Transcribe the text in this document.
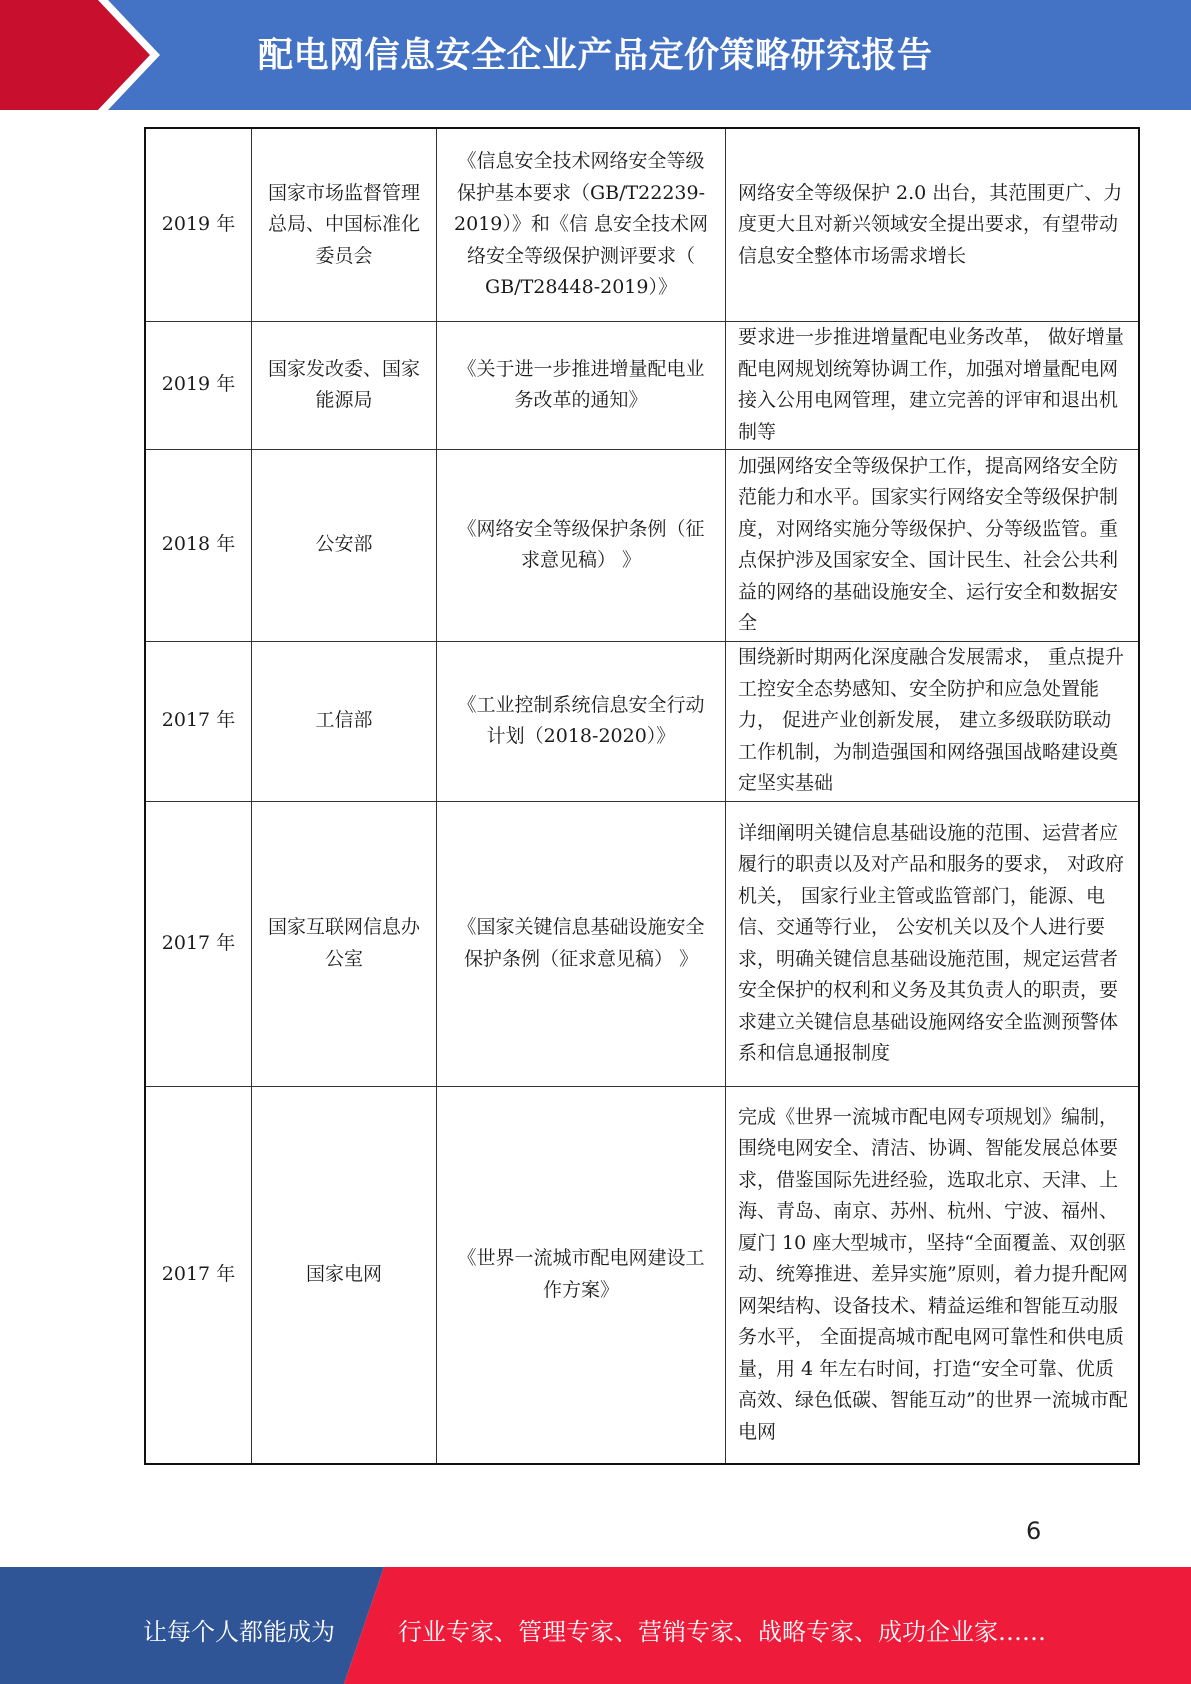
配电网信息安全企业产品定价策略研究报告
2019 年	国家市场监督管理总局、中国标准化委员会	《信息安全技术网络安全等级保护基本要求（GB/T22239-2019）》和《信 息安全技术网络安全等级保护测评要求（ GB/T28448-2019）》	网络安全等级保护 2.0 出台，其范围更广、力度更大且对新兴领域安全提出要求，有望带动信息安全整体市场需求增长
2019 年	国家发改委、国家能源局	《关于进一步推进增量配电业务改革的通知》	要求进一步推进增量配电业务改革， 做好增量配电网规划统筹协调工作，加强对增量配电网接入公用电网管理，建立完善的评审和退出机制等
2018 年	公安部	《网络安全等级保护条例（征求意见稿） 》	加强网络安全等级保护工作，提高网络安全防范能力和水平。国家实行网络安全等级保护制度，对网络实施分等级保护、分等级监管。重点保护涉及国家安全、国计民生、社会公共利益的网络的基础设施安全、运行安全和数据安全
2017 年	工信部	《工业控制系统信息安全行动计划（2018-2020）》	围绕新时期两化深度融合发展需求， 重点提升工控安全态势感知、安全防护和应急处置能力， 促进产业创新发展， 建立多级联防联动工作机制，为制造强国和网络强国战略建设奠定坚实基础
2017 年	国家互联网信息办公室	《国家关键信息基础设施安全保护条例（征求意见稿） 》	详细阐明关键信息基础设施的范围、运营者应履行的职责以及对产品和服务的要求， 对政府机关， 国家行业主管或监管部门，能源、电信、交通等行业， 公安机关以及个人进行要求，明确关键信息基础设施范围，规定运营者安全保护的权利和义务及其负责人的职责，要求建立关键信息基础设施网络安全监测预警体系和信息通报制度
2017 年	国家电网	《世界一流城市配电网建设工作方案》	完成《世界一流城市配电网专项规划》编制， 围绕电网安全、清洁、协调、智能发展总体要求，借鉴国际先进经验，选取北京、天津、上海、青岛、南京、苏州、杭州、宁波、福州、厦门 10 座大型城市，坚持“全面覆盖、双创驱动、统筹推进、差异实施”原则，着力提升配网网架结构、设备技术、精益运维和智能互动服务水平， 全面提高城市配电网可靠性和供电质量，用 4 年左右时间，打造“安全可靠、优质高效、绿色低碳、智能互动”的世界一流城市配电网
6
让每个人都能成为	行业专家、管理专家、营销专家、战略专家、成功企业家……
